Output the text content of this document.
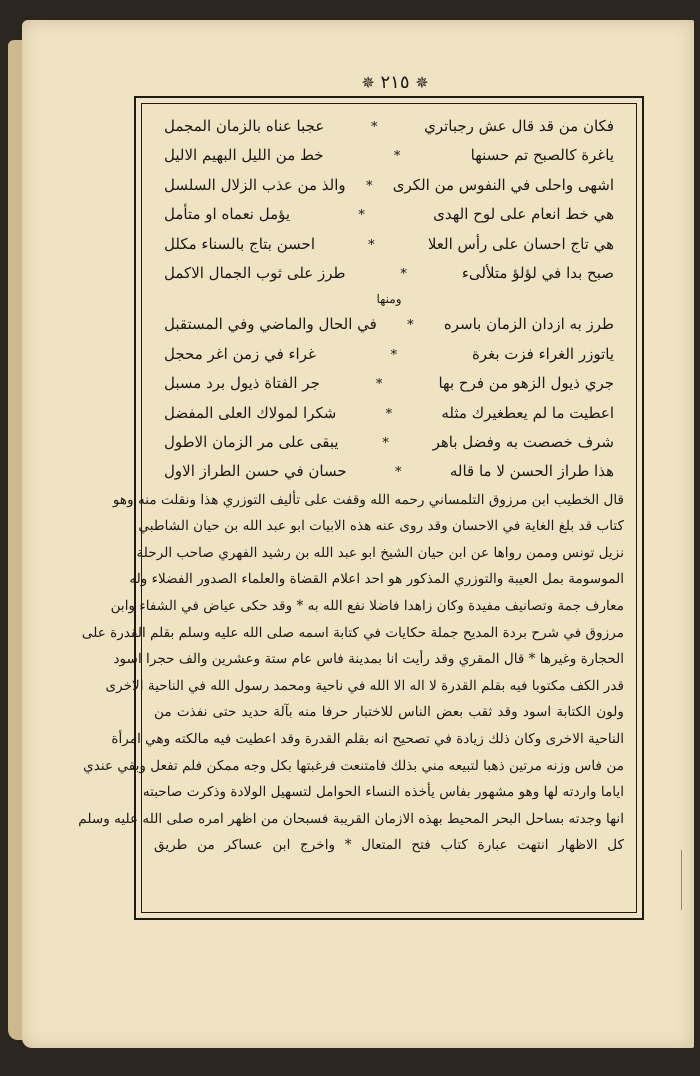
✵ ٢١٥ ✵
فكان من قد قال عش رجباتري
*
عجبا عناه بالزمان المجمل
ياغرة كالصبح تم حسنها
*
خط من الليل البهيم الاليل
اشهى واحلى في النفوس من الكرى
*
والذ من عذب الزلال السلسل
هي خط انعام على لوح الهدى
*
يؤمل نعماه او متأمل
هي تاج احسان على رأس العلا
*
احسن بتاج بالسناء مكلل
صبح بدا في لؤلؤ متلألىء
*
طرز على ثوب الجمال الاكمل
ومنها
طرز به ازدان الزمان باسره
*
في الحال والماضي وفي المستقبل
ياتوزر الغراء فزت بغرة
*
غراء في زمن اغر محجل
جري ذيول الزهو من فرح بها
*
جر الفتاة ذيول برد مسبل
اعطيت ما لم يعطغيرك مثله
*
شكرا لمولاك العلى المفضل
شرف خصصت به وفضل باهر
*
يبقى على مر الزمان الاطول
هذا طراز الحسن لا ما قاله
*
حسان في حسن الطراز الاول
قال الخطيب ابن مرزوق التلمساني رحمه الله وقفت على تأليف التوزري هذا ونقلت منه وهو
كتاب قد بلغ الغاية في الاحسان وقد روى عنه هذه الابيات ابو عبد الله بن حيان الشاطبي
نزيل تونس وممن رواها عن ابن حيان الشيخ ابو عبد الله بن رشيد الفهري صاحب الرحلة
الموسومة بمل العيبة والتوزري المذكور هو احد اعلام القضاة والعلماء الصدور الفضلاء وله
معارف جمة وتصانيف مفيدة وكان زاهدا فاضلا نفع الله به * وقد حكى عياض في الشفاء وابن
مرزوق في شرح بردة المديح جملة حكايات في كتابة اسمه صلى الله عليه وسلم بقلم القدرة على
الحجارة وغيرها * قال المقري وقد رأيت انا بمدينة فاس عام ستة وعشرين والف حجرا اسود
قدر الكف مكتوبا فيه بقلم القدرة لا اله الا الله في ناحية ومحمد رسول الله في الناحية الاخرى
ولون الكتابة اسود وقد ثقب بعض الناس للاختبار حرفا منه بآلة حديد حتى نفذت من
الناحية الاخرى وكان ذلك زيادة في تصحيح انه بقلم القدرة وقد اعطيت فيه مالكته وهي امرأة
من فاس وزنه مرتين ذهبا لتبيعه مني بذلك فامتنعت فرغبتها بكل وجه ممكن فلم تفعل وبقي عندي
اياما واردته لها وهو مشهور بفاس يأخذه النساء الحوامل لتسهيل الولادة وذكرت صاحبته
انها وجدته بساحل البحر المحيط بهذه الازمان القريبة فسبحان من اظهر امره صلى الله عليه وسلم
كل الاظهار انتهت عبارة كتاب فتح المتعال * واخرج ابن عساكر من طريق
